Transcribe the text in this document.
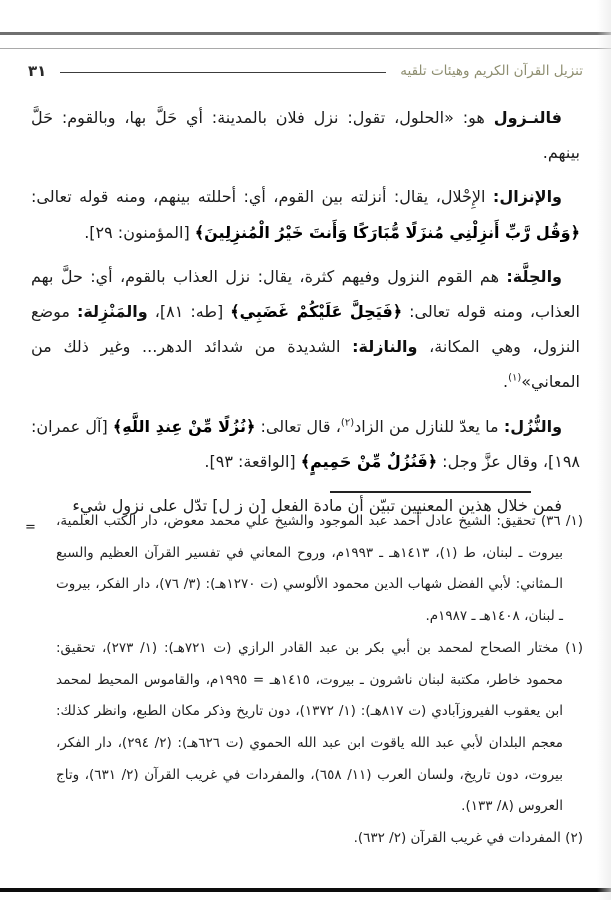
٣١	تنزيل القرآن الكريم وهيئات تلقيه

فالنـزول هو: «الحلول، تقول: نزل فلان بالمدينة: أي حَلَّ بها، وبالقوم: حَلَّ بينهم.

والإنزال: الإِحْلال، يقال: أنزلته بين القوم، أي: أحللته بينهم، ومنه قوله تعالى: ﴿وَقُل رَّبِّ أَنزِلْنِي مُنزَلًا مُّبَارَكًا وَأَنتَ خَيْرُ الْمُنزِلِينَ﴾ [المؤمنون: ٢٩].

والحِلَّة: هم القوم النزول وفيهم كثرة، يقال: نزل العذاب بالقوم، أي: حلَّ بهم العذاب، ومنه قوله تعالى: ﴿فَيَحِلَّ عَلَيْكُمْ غَضَبِي﴾ [طه: ٨١]، والمَنْزِلة: موضع النزول، وهي المكانة، والنازلة: الشديدة من شدائد الدهر... وغير ذلك من المعاني»$^{(١)}$.

والنُّزُل: ما يعدّ للنازل من الزاد$^{(٢)}$، قال تعالى: ﴿نُزُلًا مِّنْ عِندِ اللَّهِ﴾ [آل عمران: ١٩٨]، وقال عزَّ وجل: ﴿فَنُزُلٌ مِّنْ حَمِيمٍ﴾ [الواقعة: ٩٣].

فمن خلال هذين المعنيين تبيّن أن مادة الفعل [ن ز ل] تدّل على نزول شيء

= (١/ ٣٦) تحقيق: الشيخ عادل أحمد عبد الموجود والشيخ علي محمد معوض، دار الكتب العلمية، بيروت ـ لبنان، ط (١)، ١٤١٣هـ ـ ١٩٩٣م، وروح المعاني في تفسير القرآن العظيم والسبع الـمثاني: لأبي الفضل شهاب الدين محمود الألوسي (ت ١٢٧٠هـ): (٣/ ٧٦)، دار الفكر، بيروت ـ لبنان، ١٤٠٨هـ ـ ١٩٨٧م.

(١) مختار الصحاح لمحمد بن أبي بكر بن عبد القادر الرازي (ت ٧٢١هـ): (١/ ٢٧٣)، تحقيق: محمود خاطر، مكتبة لبنان ناشرون ـ بيروت، ١٤١٥هـ = ١٩٩٥م، والقاموس المحيط لمحمد ابن يعقوب الفيروزآبادي (ت ٨١٧هـ): (١/ ١٣٧٢)، دون تاريخ وذكر مكان الطبع، وانظر كذلك: معجم البلدان لأبي عبد الله ياقوت ابن عبد الله الحموي (ت ٦٢٦هـ): (٢/ ٢٩٤)، دار الفكر، بيروت، دون تاريخ، ولسان العرب (١١/ ٦٥٨)، والمفردات في غريب القرآن (٢/ ٦٣١)، وتاج العروس (٨/ ١٣٣).

(٢) المفردات في غريب القرآن (٢/ ٦٣٢).
